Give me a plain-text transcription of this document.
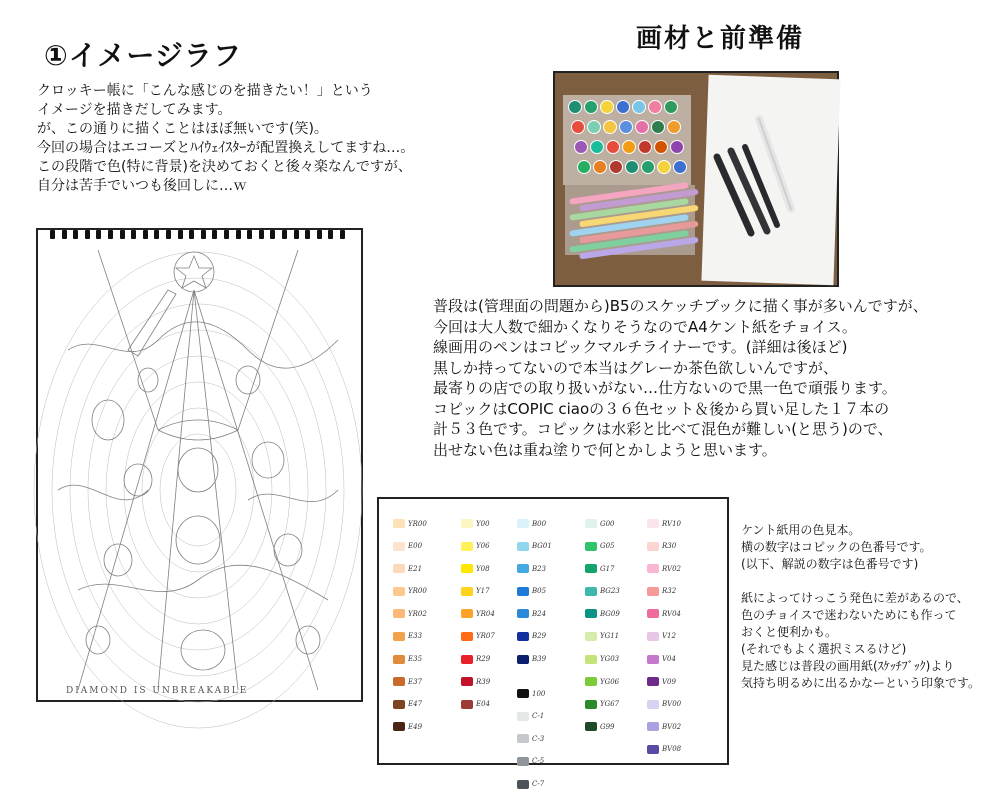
①イメージラフ
クロッキー帳に「こんな感じのを描きたい！」という
イメージを描きだしてみます。
が、この通りに描くことはほぼ無いです(笑)。
今回の場合はエコーズとﾊｲｳｪｲｽﾀｰが配置換えしてますね…。
この段階で色(特に背景)を決めておくと後々楽なんですが、
自分は苦手でいつも後回しに…ｗ
画材と前準備
普段は(管理面の問題から)B5のスケッチブックに描く事が多いんですが、
今回は大人数で細かくなりそうなのでA4ケント紙をチョイス。
線画用のペンはコピックマルチライナーです。(詳細は後ほど)
黒しか持ってないので本当はグレーか茶色欲しいんですが、
最寄りの店での取り扱いがない…仕方ないので黒一色で頑張ります。
コピックはCOPIC ciaoの３６色セット＆後から買い足した１７本の
計５３色です。コピックは水彩と比べて混色が難しい(と思う)ので、
出せない色は重ね塗りで何とかしようと思います。
DIAMOND IS UNBREAKABLE
YR00
E00
E21
YR00
YR02
E33
E35
E37
E47
E49
Y00
Y06
Y08
Y17
YR04
YR07
R29
R39
E04
B00
BG01
B23
B05
B24
B29
B39
100
C-1
C-3
C-5
C-7
G00
G05
G17
BG23
BG09
YG11
YG03
YG06
YG67
G99
RV10
R30
RV02
R32
RV04
V12
V04
V09
BV00
BV02
BV08
ケント紙用の色見本。
横の数字はコピックの色番号です。
(以下、解説の数字は色番号です)
紙によってけっこう発色に差があるので、
色のチョイスで迷わないためにも作って
おくと便利かも。
(それでもよく選択ミスるけど)
見た感じは普段の画用紙(ｽｹｯﾁﾌﾞｯｸ)より
気持ち明るめに出るかなーという印象です。
